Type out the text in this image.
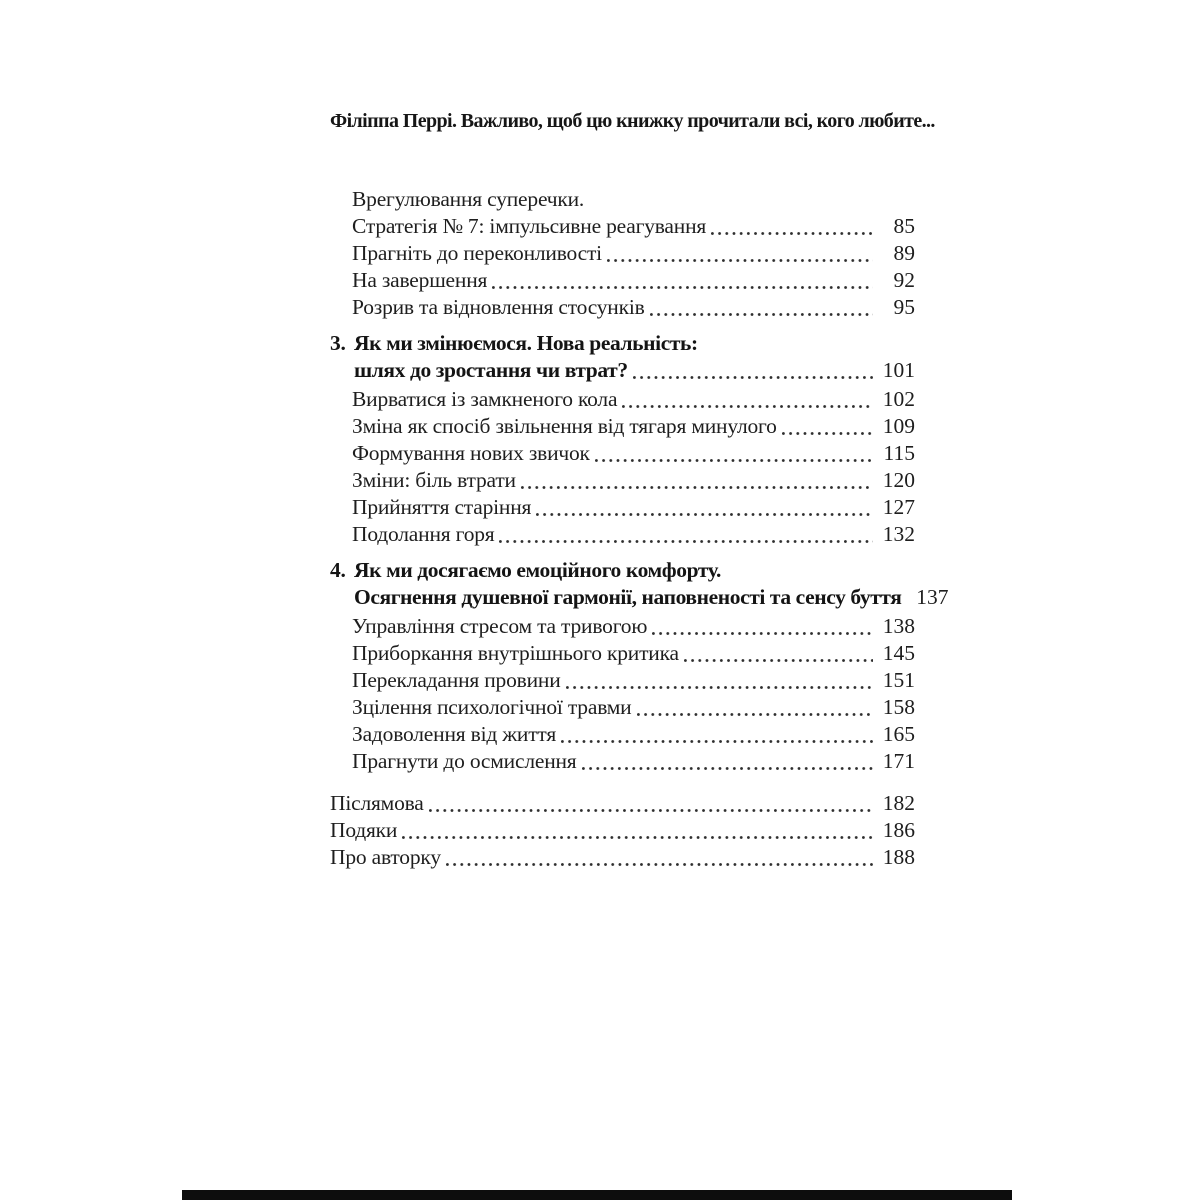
Філіппа Перрі. Важливо, щоб цю книжку прочитали всі, кого любите...
Врегулювання суперечки.
Стратегія № 7: імпульсивне реагування	85
Прагніть до переконливості	89
На завершення	92
Розрив та відновлення стосунків	95
3. Як ми змінюємося. Нова реальність:
шлях до зростання чи втрат?	101
Вирватися із замкненого кола	102
Зміна як спосіб звільнення від тягаря минулого	109
Формування нових звичок	115
Зміни: біль втрати	120
Прийняття старіння	127
Подолання горя	132
4. Як ми досягаємо емоційного комфорту.
Осягнення душевної гармонії, наповненості та сенсу буття 137
Управління стресом та тривогою	138
Приборкання внутрішнього критика	145
Перекладання провини	151
Зцілення психологічної травми	158
Задоволення від життя	165
Прагнути до осмислення	171
Післямова	182
Подяки	186
Про авторку	188
